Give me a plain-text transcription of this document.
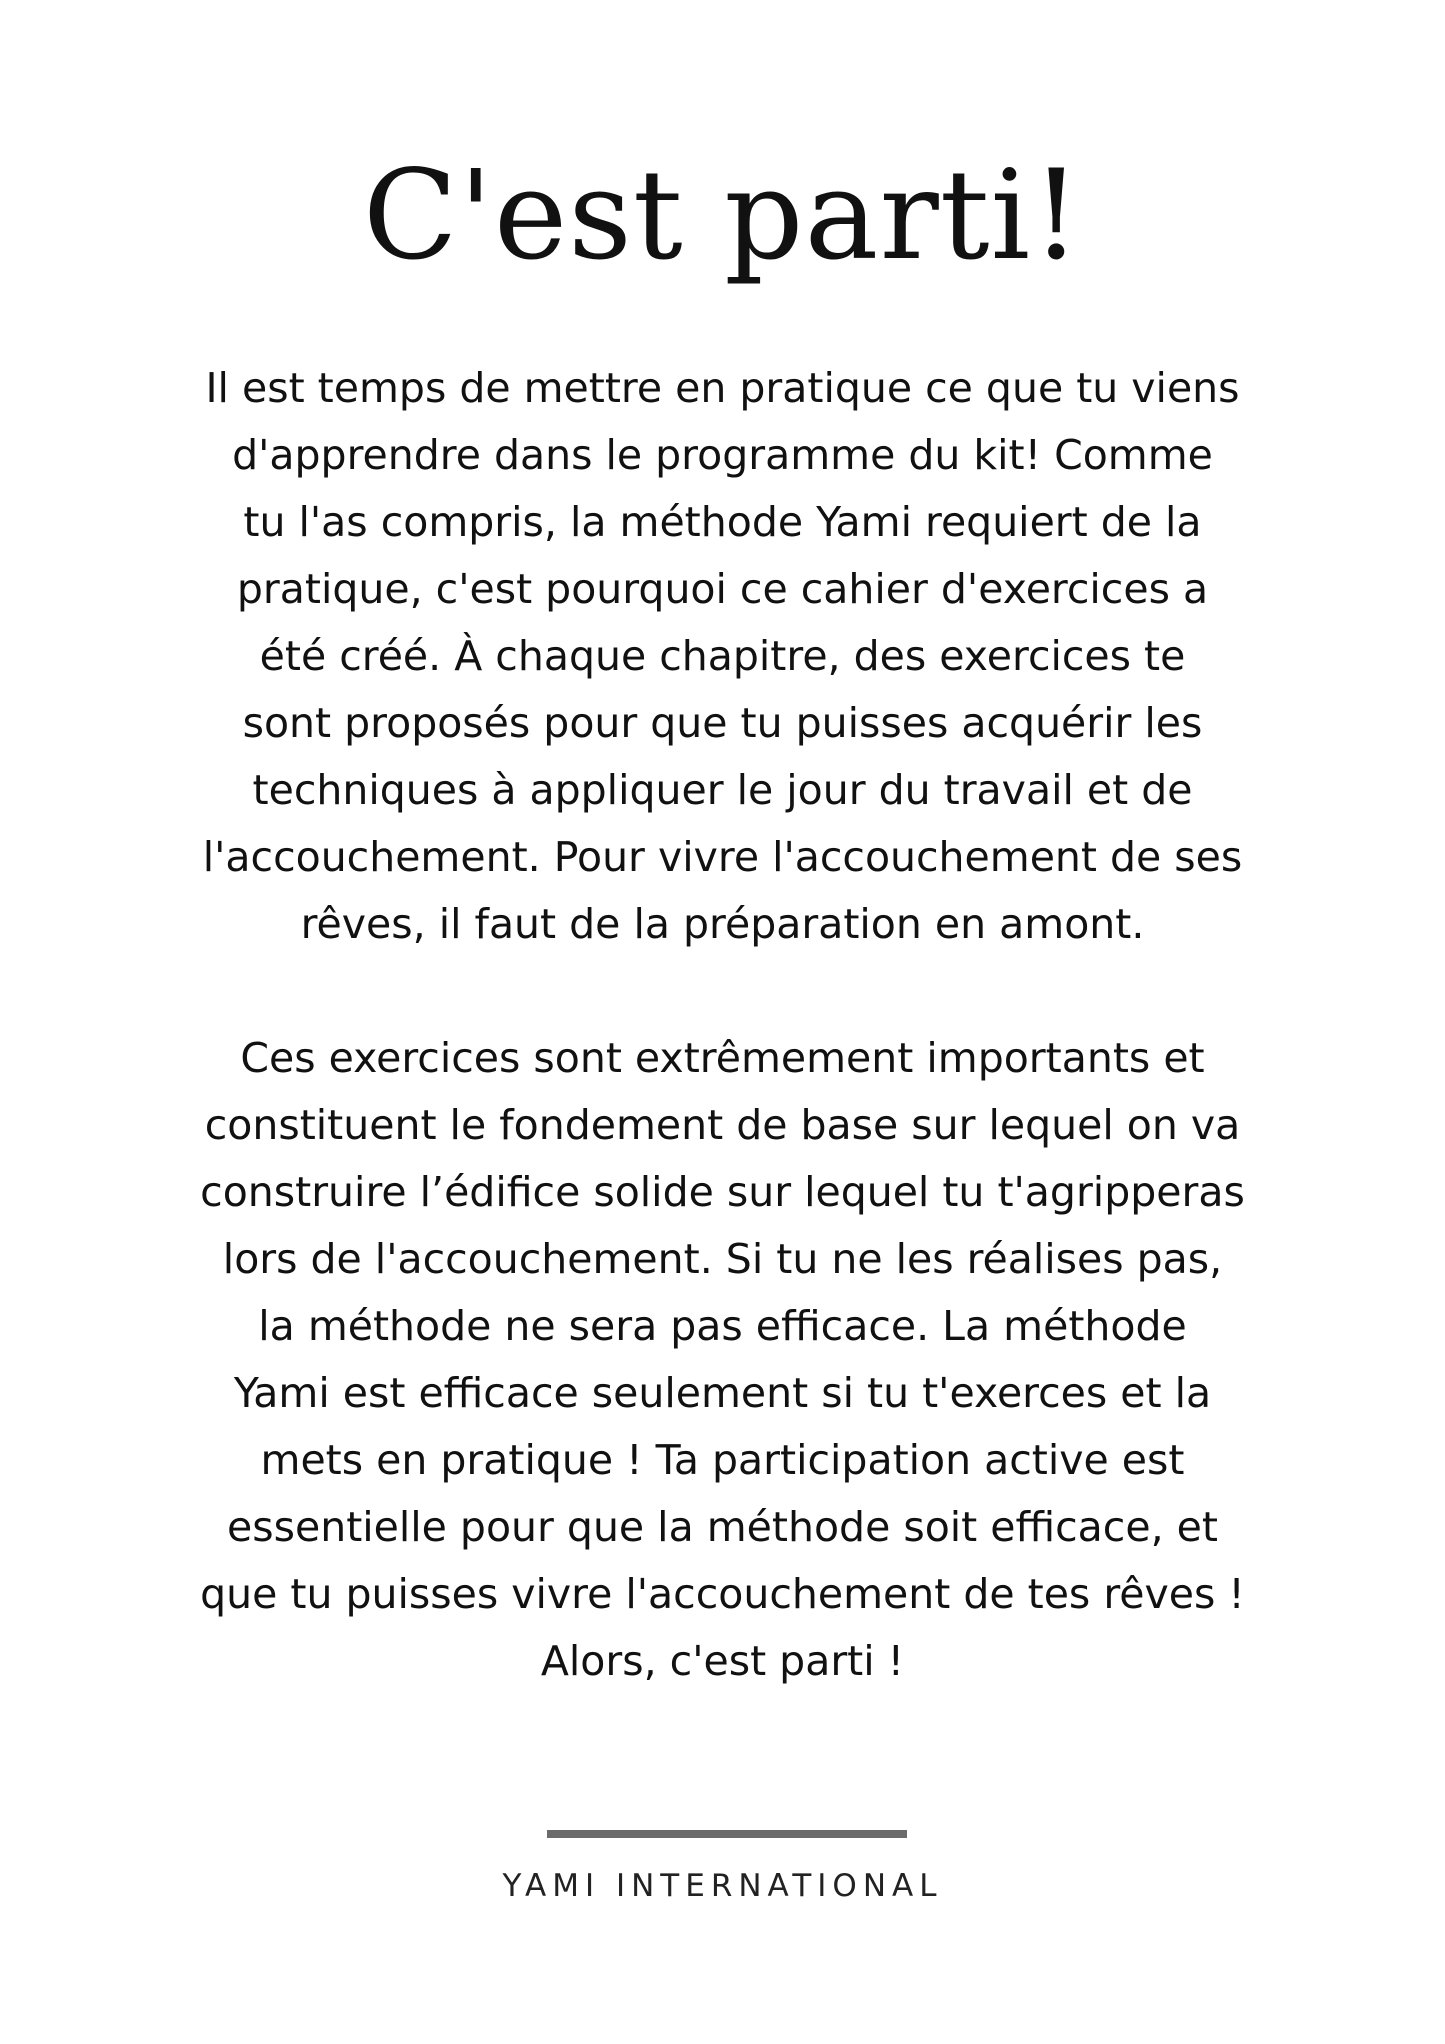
C'est parti!

Il est temps de mettre en pratique ce que tu viens
d'apprendre dans le programme du kit! Comme
tu l'as compris, la méthode Yami requiert de la
pratique, c'est pourquoi ce cahier d'exercices a
été créé. À chaque chapitre, des exercices te
sont proposés pour que tu puisses acquérir les
techniques à appliquer le jour du travail et de
l'accouchement. Pour vivre l'accouchement de ses
rêves, il faut de la préparation en amont.

Ces exercices sont extrêmement importants et
constituent le fondement de base sur lequel on va
construire l’édifice solide sur lequel tu t'agripperas
lors de l'accouchement. Si tu ne les réalises pas,
la méthode ne sera pas efficace. La méthode
Yami est efficace seulement si tu t'exerces et la
mets en pratique ! Ta participation active est
essentielle pour que la méthode soit efficace, et
que tu puisses vivre l'accouchement de tes rêves !
Alors, c'est parti !

YAMI INTERNATIONAL
